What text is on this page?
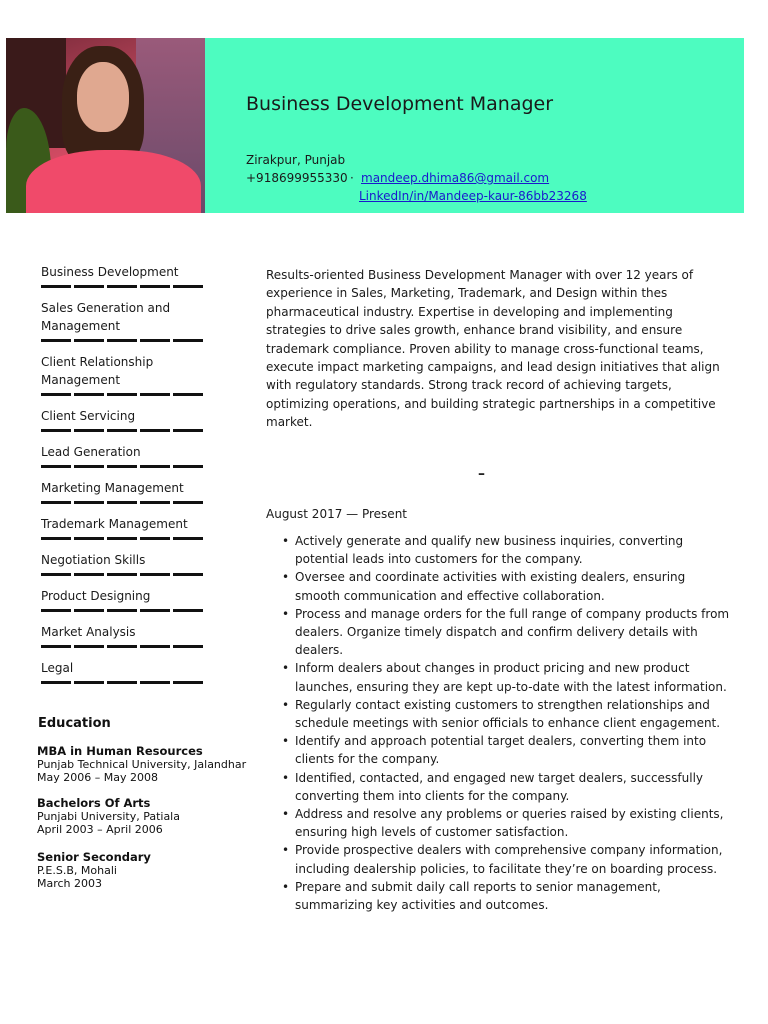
Business Development Manager
Zirakpur, Punjab
+918699955330 · mandeep.dhima86@gmail.com
LinkedIn/in/Mandeep-kaur-86bb23268
Business Development
Sales Generation and Management
Client Relationship Management
Client Servicing
Lead Generation
Marketing Management
Trademark Management
Negotiation Skills
Product Designing
Market Analysis
Legal
Education
MBA in Human Resources
Punjab Technical University, Jalandhar
May 2006 – May 2008
Bachelors Of Arts
Punjabi University, Patiala
April 2003 – April 2006
Senior Secondary
P.E.S.B, Mohali
March 2003

Results-oriented Business Development Manager with over 12 years of experience in Sales, Marketing, Trademark, and Design within thes pharmaceutical industry. Expertise in developing and implementing strategies to drive sales growth, enhance brand visibility, and ensure trademark compliance. Proven ability to manage cross-functional teams, execute impact marketing campaigns, and lead design initiatives that align with regulatory standards. Strong track record of achieving targets, optimizing operations, and building strategic partnerships in a competitive market.

–
August 2017 — Present
• Actively generate and qualify new business inquiries, converting potential leads into customers for the company.
• Oversee and coordinate activities with existing dealers, ensuring smooth communication and effective collaboration.
• Process and manage orders for the full range of company products from dealers. Organize timely dispatch and confirm delivery details with dealers.
• Inform dealers about changes in product pricing and new product launches, ensuring they are kept up-to-date with the latest information.
• Regularly contact existing customers to strengthen relationships and schedule meetings with senior officials to enhance client engagement.
• Identify and approach potential target dealers, converting them into clients for the company.
• Identified, contacted, and engaged new target dealers, successfully converting them into clients for the company.
• Address and resolve any problems or queries raised by existing clients, ensuring high levels of customer satisfaction.
• Provide prospective dealers with comprehensive company information, including dealership policies, to facilitate they’re on boarding process.
• Prepare and submit daily call reports to senior management, summarizing key activities and outcomes.
